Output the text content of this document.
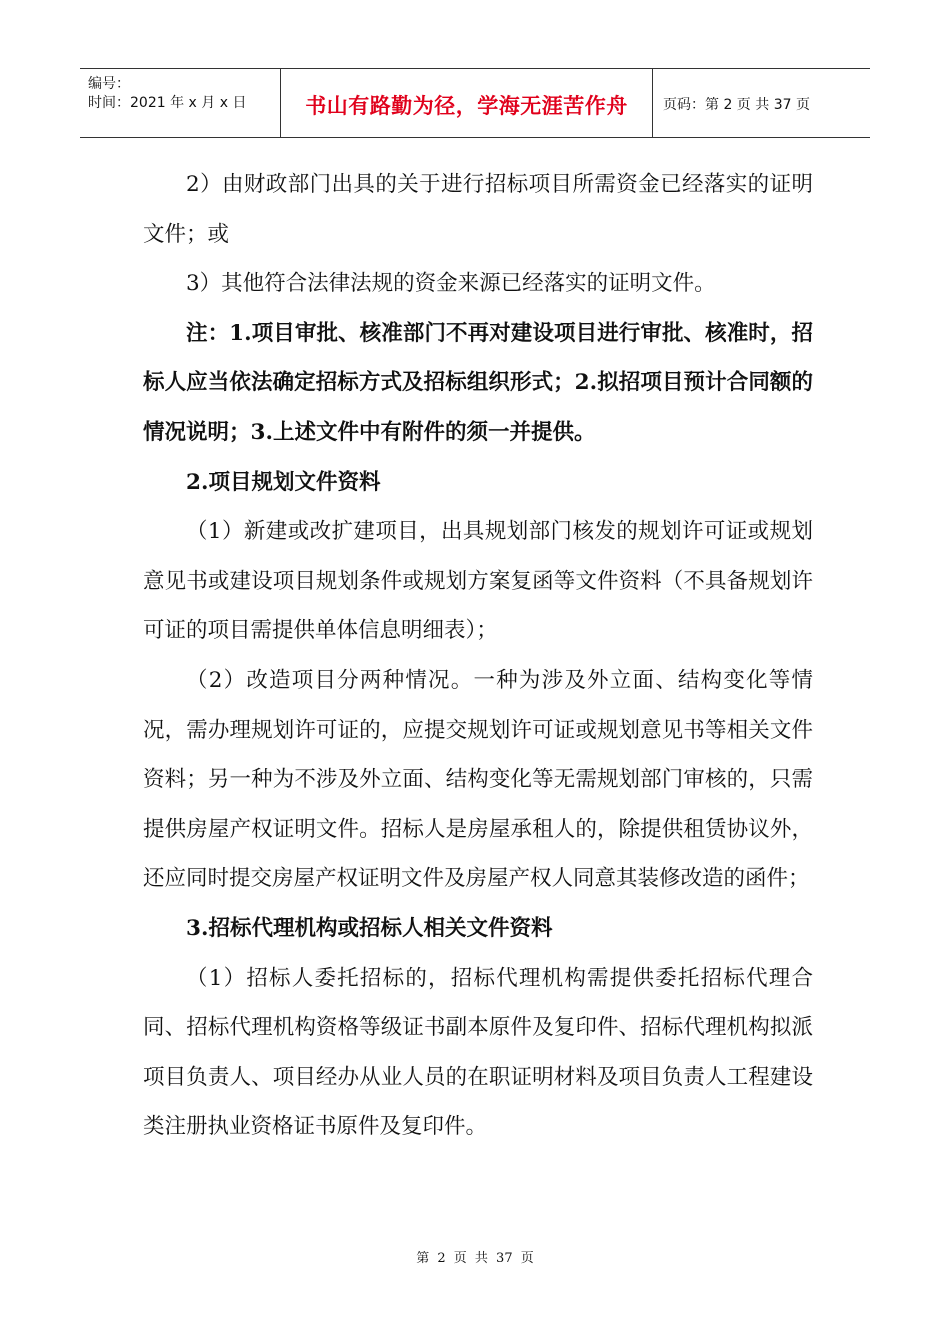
编号：
时间：2021 年 x 月 x 日	书山有路勤为径，学海无涯苦作舟	页码：第 2 页 共 37 页

2）由财政部门出具的关于进行招标项目所需资金已经落实的证明文件；或

3）其他符合法律法规的资金来源已经落实的证明文件。

注：1.项目审批、核准部门不再对建设项目进行审批、核准时，招标人应当依法确定招标方式及招标组织形式；2.拟招项目预计合同额的情况说明；3.上述文件中有附件的须一并提供。

2.项目规划文件资料

（1）新建或改扩建项目，出具规划部门核发的规划许可证或规划意见书或建设项目规划条件或规划方案复函等文件资料（不具备规划许可证的项目需提供单体信息明细表）；

（2）改造项目分两种情况。一种为涉及外立面、结构变化等情况，需办理规划许可证的，应提交规划许可证或规划意见书等相关文件资料；另一种为不涉及外立面、结构变化等无需规划部门审核的，只需提供房屋产权证明文件。招标人是房屋承租人的，除提供租赁协议外，还应同时提交房屋产权证明文件及房屋产权人同意其装修改造的函件；

3.招标代理机构或招标人相关文件资料

（1）招标人委托招标的，招标代理机构需提供委托招标代理合同、招标代理机构资格等级证书副本原件及复印件、招标代理机构拟派项目负责人、项目经办从业人员的在职证明材料及项目负责人工程建设类注册执业资格证书原件及复印件。

第 2 页 共 37 页
